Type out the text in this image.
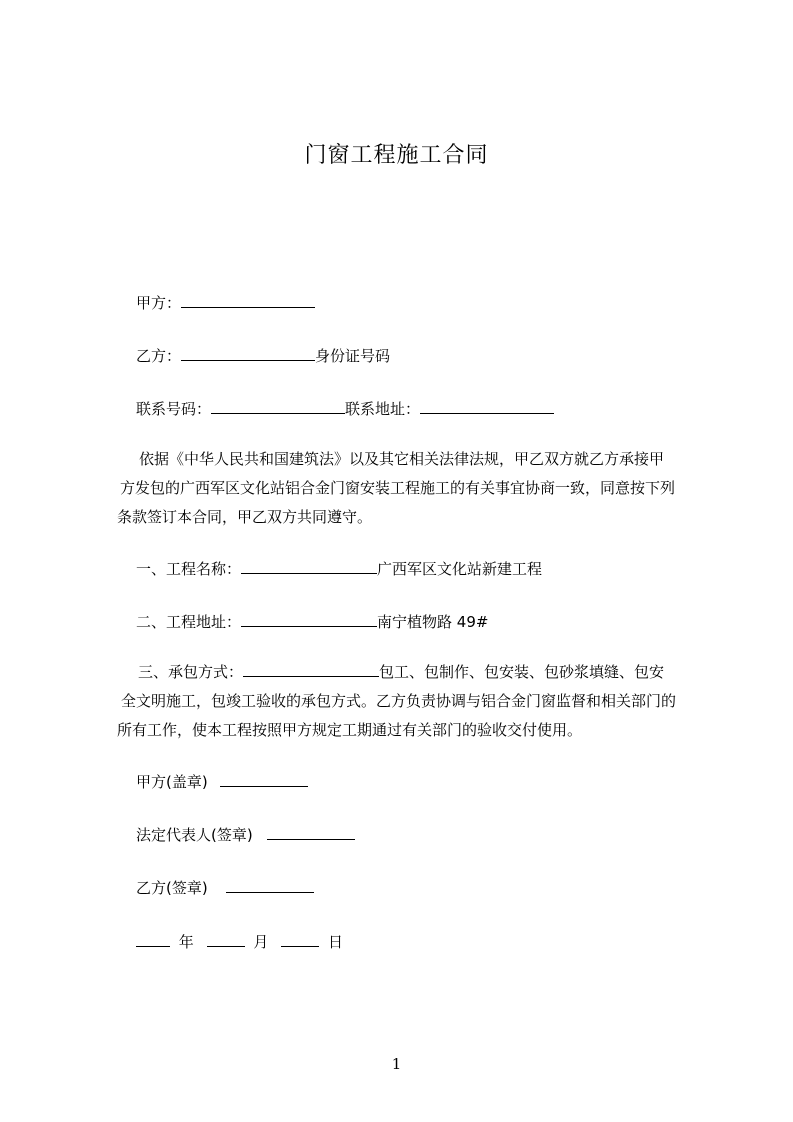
门窗工程施工合同
甲方：
乙方：	身份证号码
联系号码：	联系地址：
依据《中华人民共和国建筑法》以及其它相关法律法规，甲乙双方就乙方承接甲
方发包的广西军区文化站铝合金门窗安装工程施工的有关事宜协商一致，同意按下列
条款签订本合同，甲乙双方共同遵守。
一、工程名称：	广西军区文化站新建工程
二、工程地址：	南宁植物路 49#
三、承包方式：	包工、包制作、包安装、包砂浆填缝、包安
全文明施工，包竣工验收的承包方式。乙方负责协调与铝合金门窗监督和相关部门的
所有工作，使本工程按照甲方规定工期通过有关部门的验收交付使用。
甲方(盖章)
法定代表人(签章)
乙方(签章)
年	月	日
1
